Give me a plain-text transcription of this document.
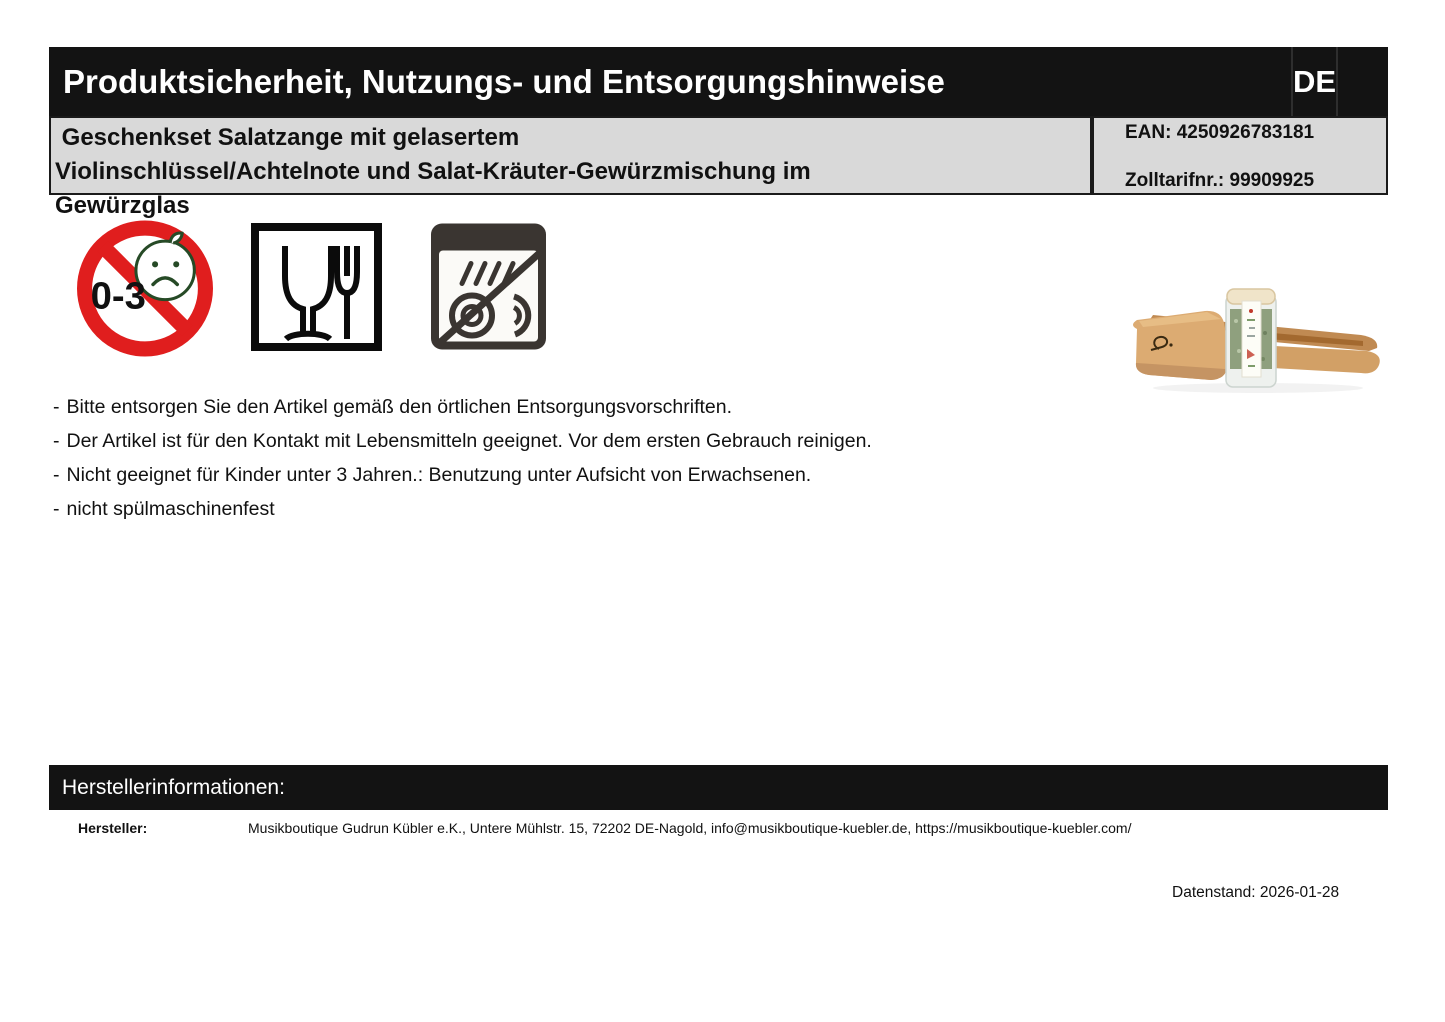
Produktsicherheit, Nutzungs- und Entsorgungshinweise	DE
Geschenkset Salatzange mit gelasertem
Violinschlüssel/Achtelnote und Salat-Kräuter-Gewürzmischung im
Gewürzglas
EAN: 4250926783181
Zolltarifnr.: 99909925
0-3
- Bitte entsorgen Sie den Artikel gemäß den örtlichen Entsorgungsvorschriften.
- Der Artikel ist für den Kontakt mit Lebensmitteln geeignet. Vor dem ersten Gebrauch reinigen.
- Nicht geeignet für Kinder unter 3 Jahren.: Benutzung unter Aufsicht von Erwachsenen.
- nicht spülmaschinenfest
Herstellerinformationen:
Hersteller:	Musikboutique Gudrun Kübler e.K., Untere Mühlstr. 15, 72202 DE-Nagold, info@musikboutique-kuebler.de, https://musikboutique-kuebler.com/
Datenstand: 2026-01-28
